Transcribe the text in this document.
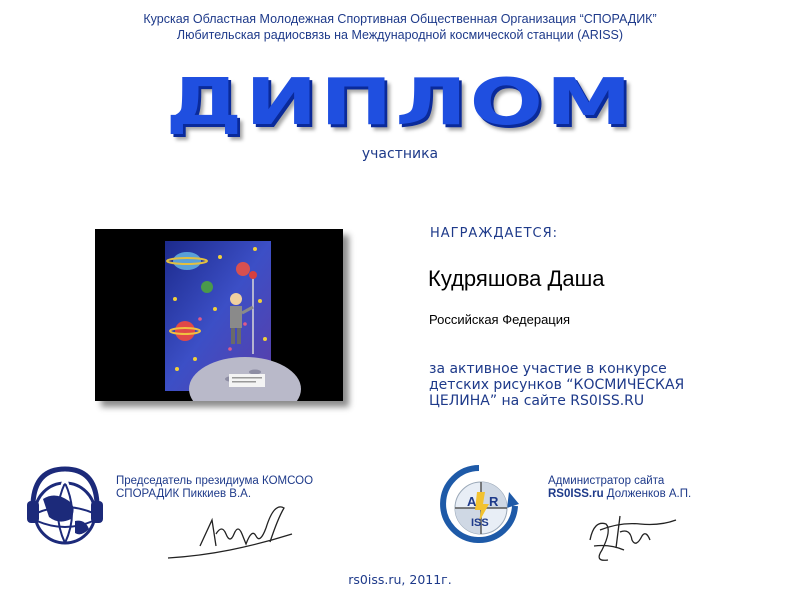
Курская Областная Молодежная Спортивная Общественная Организация “СПОРАДИК”
Любительская радиосвязь на Международной космической станции (ARISS)
ДИПЛОМ
участника
НАГРАЖДАЕТСЯ:
Кудряшова Даша
Российская Федерация
за активное участие в конкурсе
детских рисунков “КОСМИЧЕСКАЯ
ЦЕЛИНА” на сайте RS0ISS.RU
Председатель президиума КОМСОО
СПОРАДИК Пиккиев В.А.	A R
ISS
Администратор сайта
RS0ISS.ru Долженков А.П.
rs0iss.ru, 2011г.
